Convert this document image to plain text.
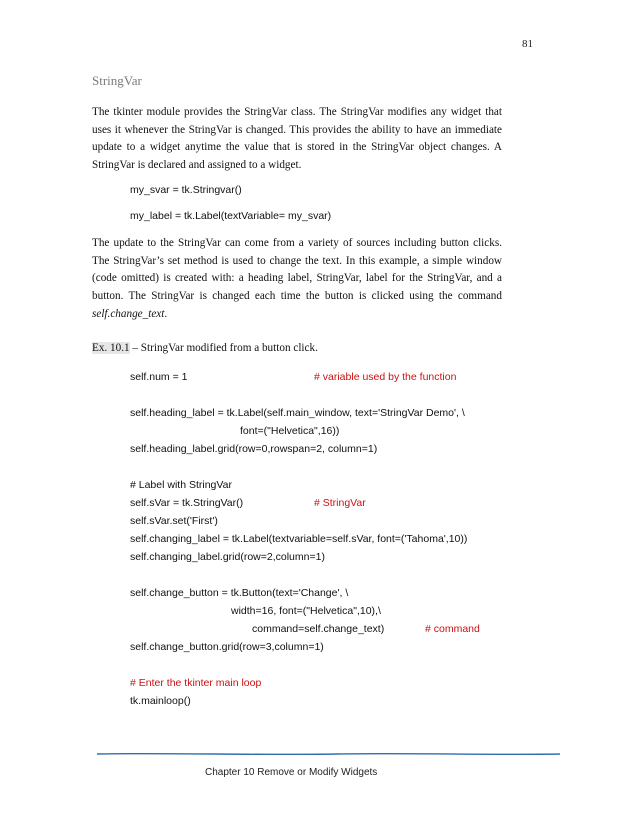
81
StringVar

The tkinter module provides the StringVar class. The StringVar modifies any widget that uses it whenever the StringVar is changed. This provides the ability to have an immediate update to a widget anytime the value that is stored in the StringVar object changes. A StringVar is declared and assigned to a widget.

my_svar = tk.Stringvar()
my_label = tk.Label(textVariable= my_svar)

The update to the StringVar can come from a variety of sources including button clicks. The StringVar’s set method is used to change the text. In this example, a simple window (code omitted) is created with: a heading label, StringVar, label for the StringVar, and a button. The StringVar is changed each time the button is clicked using the command self.change_text.

Ex. 10.1 – StringVar modified from a button click.
self.num = 1	# variable used by the function
self.heading_label = tk.Label(self.main_window, text='StringVar Demo', \
font=("Helvetica",16))
self.heading_label.grid(row=0,rowspan=2, column=1)
# Label with StringVar
self.sVar = tk.StringVar()	# StringVar
self.sVar.set('First')
self.changing_label = tk.Label(textvariable=self.sVar, font=('Tahoma',10))
self.changing_label.grid(row=2,column=1)
self.change_button = tk.Button(text='Change', \
width=16, font=("Helvetica",10),\
command=self.change_text)	# command
self.change_button.grid(row=3,column=1)
# Enter the tkinter main loop
tk.mainloop()
Chapter 10 Remove or Modify Widgets
